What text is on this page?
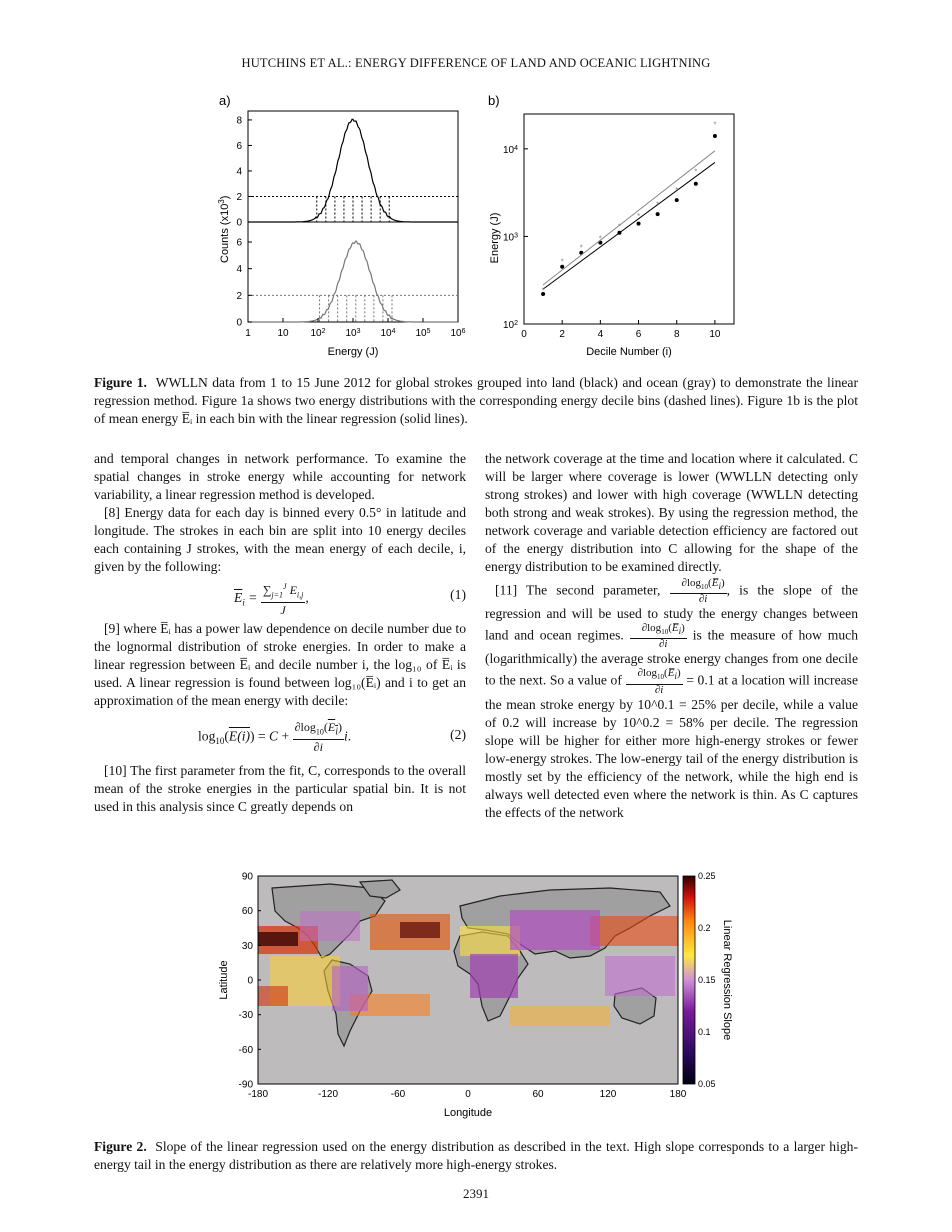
HUTCHINS ET AL.: ENERGY DIFFERENCE OF LAND AND OCEANIC LIGHTNING
a)	b)
1	10 $10^2$ $10^3$ $10^4$ $10^5$ $10^6$
0
2
4
6
8
0
2
4
6
Counts $(x10^3)$
Energy (J)
0	2	4	6	8	10
$10^2$
$10^3$
$10^4$
*
*
*
*
*
*
*
*
*
*
Energy (J)
Decile Number (i)
Figure 1. WWLLN data from 1 to 15 June 2012 for global strokes grouped into land (black) and ocean (gray) to demonstrate the linear regression method. Figure 1a shows two energy distributions with the corresponding energy decile bins (dashed lines). Figure 1b is the plot of mean energy E̅ᵢ in each bin with the linear regression (solid lines).

and temporal changes in network performance. To examine the spatial changes in stroke energy while accounting for network variability, a linear regression method is developed.

[8] Energy data for each day is binned every 0.5° in latitude and longitude. The strokes in each bin are split into 10 energy deciles each containing J strokes, with the mean energy of each decile, i, given by the following:

$\overline{E}_i = \frac{\sum_{j=1}^J E_{i,j}}{J}$ ,	(1)

[9] where E̅ᵢ has a power law dependence on decile number due to the lognormal distribution of stroke energies. In order to make a linear regression between E̅ᵢ and decile number i, the log₁₀ of E̅ᵢ is used. A linear regression is found between log₁₀(E̅ᵢ) and i to get an approximation of the mean energy with decile:

$\log_{10}(E(i)) = C + \frac{\partial\log_{10}(E_i)}{\partial i} i$.	(2)

[10] The first parameter from the fit, C, corresponds to the overall mean of the stroke energies in the particular spatial bin. It is not used in this analysis since C greatly depends on

the network coverage at the time and location where it calculated. C will be larger where coverage is lower (WWLLN detecting only strong strokes) and lower with high coverage (WWLLN detecting both strong and weak strokes). By using the regression method, the network coverage and variable detection efficiency are factored out of the energy distribution into C allowing for the shape of the energy distribution to be examined directly.

[11] The second parameter, $\frac{\partial\log_{10}(E̅_i)}{\partial i}$ , is the slope of the regression and will be used to study the energy changes between land and ocean regimes. $\frac{\partial\log_{10}(E̅_i)}{\partial i}$ is the measure of how much (logarithmically) the average stroke energy changes from one decile to the next. So a value of $\frac{\partial\log_{10}(E̅_i)}{\partial i} = 0.1$ at a location will increase the mean stroke energy by 10^0.1 = 25% per decile, while a value of 0.2 will increase by 10^0.2 = 58% per decile. The regression slope will be higher for either more high-energy strokes or fewer low-energy strokes. The low-energy tail of the energy distribution is mostly set by the efficiency of the network, while the high end is always well detected even where the network is thin. As C captures the effects of the network

-180	-120	-60	0	60	120	180
90
60
30
0
-30
-60
-90
Latitude
Longitude
0.25
0.2
0.15
0.1
0.05
Linear Regression Slope
Figure 2. Slope of the linear regression used on the energy distribution as described in the text. High slope corresponds to a larger high-energy tail in the energy distribution as there are relatively more high-energy strokes.
2391
